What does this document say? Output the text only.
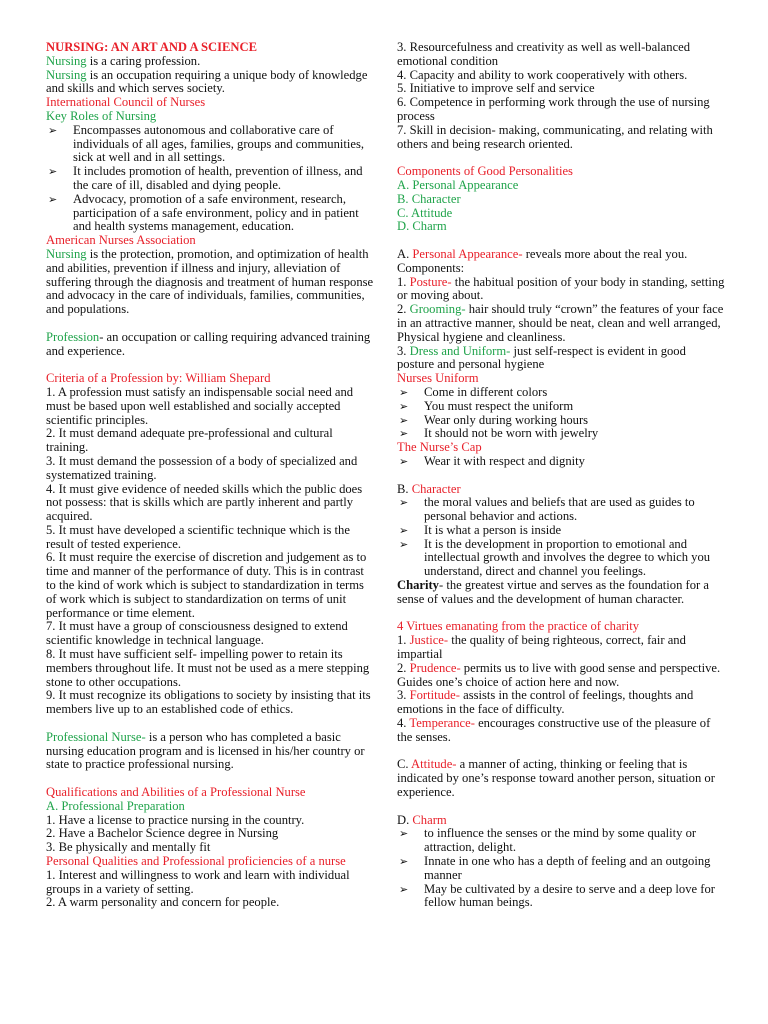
NURSING: AN ART AND A SCIENCE

Nursing is a caring profession.

Nursing is an occupation requiring a unique body of knowledge and skills and which serves society.

International Council of Nurses

Key Roles of Nursing

➢ Encompasses autonomous and collaborative care of individuals of all ages, families, groups and communities, sick at well and in all settings.
➢ It includes promotion of health, prevention of illness, and the care of ill, disabled and dying people.
➢ Advocacy, promotion of a safe environment, research, participation of a safe environment, policy and in patient and health systems management, education.

American Nurses Association

Nursing is the protection, promotion, and optimization of health and abilities, prevention if illness and injury, alleviation of suffering through the diagnosis and treatment of human response and advocacy in the care of individuals, families, communities, and populations.

Profession- an occupation or calling requiring advanced training and experience.

Criteria of a Profession by: William Shepard

1. A profession must satisfy an indispensable social need and must be based upon well established and socially accepted scientific principles.

2. It must demand adequate pre-professional and cultural training.

3. It must demand the possession of a body of specialized and systematized training.

4. It must give evidence of needed skills which the public does not possess: that is skills which are partly inherent and partly acquired.

5. It must have developed a scientific technique which is the result of tested experience.

6. It must require the exercise of discretion and judgement as to time and manner of the performance of duty. This is in contrast to the kind of work which is subject to standardization in terms of work which is subject to standardization on terms of unit performance or time element.

7. It must have a group of consciousness designed to extend scientific knowledge in technical language.

8. It must have sufficient self- impelling power to retain its members throughout life. It must not be used as a mere stepping stone to other occupations.

9. It must recognize its obligations to society by insisting that its members live up to an established code of ethics.

Professional Nurse- is a person who has completed a basic nursing education program and is licensed in his/her country or state to practice professional nursing.

Qualifications and Abilities of a Professional Nurse

A. Professional Preparation

1. Have a license to practice nursing in the country.

2. Have a Bachelor Science degree in Nursing

3. Be physically and mentally fit

Personal Qualities and Professional proficiencies of a nurse

1. Interest and willingness to work and learn with individual groups in a variety of setting.

2. A warm personality and concern for people.

3. Resourcefulness and creativity as well as well-balanced emotional condition

4. Capacity and ability to work cooperatively with others.

5. Initiative to improve self and service

6. Competence in performing work through the use of nursing process

7. Skill in decision- making, communicating, and relating with others and being research oriented.

Components of Good Personalities

A. Personal Appearance

B. Character

C. Attitude

D. Charm

A. Personal Appearance- reveals more about the real you.

Components:

1. Posture- the habitual position of your body in standing, setting or moving about.

2. Grooming- hair should truly “crown” the features of your face in an attractive manner, should be neat, clean and well arranged, Physical hygiene and cleanliness.

3. Dress and Uniform- just self-respect is evident in good posture and personal hygiene

Nurses Uniform

➢ Come in different colors
➢ You must respect the uniform
➢ Wear only during working hours
➢ It should not be worn with jewelry

The Nurse’s Cap

➢ Wear it with respect and dignity

B. Character

➢ the moral values and beliefs that are used as guides to personal behavior and actions.
➢ It is what a person is inside
➢ It is the development in proportion to emotional and intellectual growth and involves the degree to which you understand, direct and channel you feelings.

Charity- the greatest virtue and serves as the foundation for a sense of values and the development of human character.

4 Virtues emanating from the practice of charity

1. Justice- the quality of being righteous, correct, fair and impartial

2. Prudence- permits us to live with good sense and perspective. Guides one’s choice of action here and now.

3. Fortitude- assists in the control of feelings, thoughts and emotions in the face of difficulty.

4. Temperance- encourages constructive use of the pleasure of the senses.

C. Attitude- a manner of acting, thinking or feeling that is indicated by one’s response toward another person, situation or experience.

D. Charm

➢ to influence the senses or the mind by some quality or attraction, delight.
➢ Innate in one who has a depth of feeling and an outgoing manner
➢ May be cultivated by a desire to serve and a deep love for fellow human beings.
